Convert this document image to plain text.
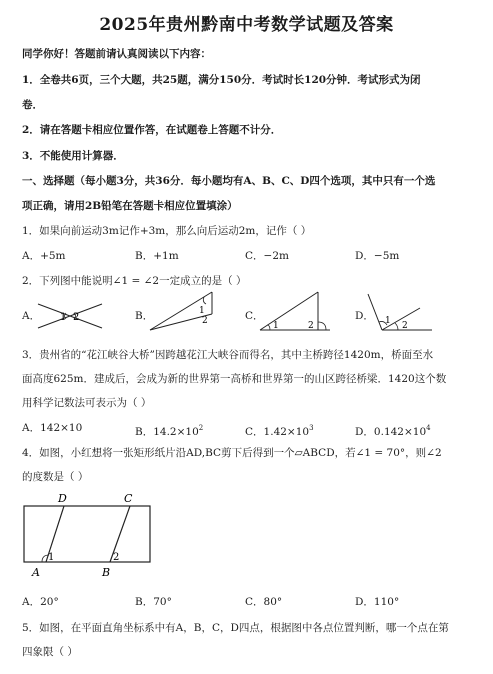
2025年贵州黔南中考数学试题及答案
同学你好！答题前请认真阅读以下内容：
1．全卷共6页，三个大题，共25题，满分150分．考试时长120分钟．考试形式为闭
卷．
2．请在答题卡相应位置作答，在试题卷上答题不计分．
3．不能使用计算器．
一、选择题（每小题3分，共36分．每小题均有A、B、C、D四个选项，其中只有一个选
项正确，请用2B铅笔在答题卡相应位置填涂）
1．如果向前运动3m记作+3m，那么向后运动2m，记作（ ）
A．+5m	B．+1m	C．−2m	D．−5m
2．下列图中能说明∠1 = ∠2一定成立的是（ ）
A．	B．	C．	D．
1 2
1
2	1	2	1 2
3．贵州省的“花江峡谷大桥”因跨越花江大峡谷而得名，其中主桥跨径1420m，桥面至水
面高度625m．建成后，会成为新的世界第一高桥和世界第一的山区跨径桥梁．1420这个数
用科学记数法可表示为（ ）
A．142×10	B．$14.2\times 10^2$	C．$1.42\times 10^3$	D．$0.142\times 10^4$
4．如图，小红想将一张矩形纸片沿AD,BC剪下后得到一个▱ABCD，若∠1 = 70°，则∠2
的度数是（ ）
D	C
A	B
1	2
A．20°	B．70°	C．80°	D．110°
5．如图，在平面直角坐标系中有A，B，C，D四点，根据图中各点位置判断，哪一个点在第
四象限（ ）
